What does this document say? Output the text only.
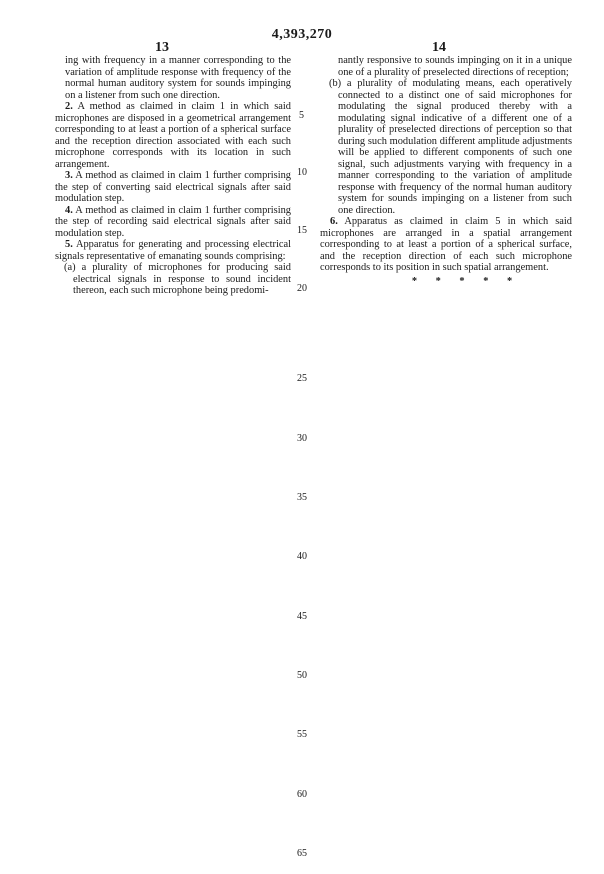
4,393,270
13	14

ing with frequency in a manner corresponding to the variation of amplitude response with frequency of the normal human auditory system for sounds impinging on a listener from such one direction.

2. A method as claimed in claim 1 in which said microphones are disposed in a geometrical arrangement corresponding to at least a portion of a spherical surface and the reception direction associated with each such microphone corresponds with its location in such arrangement.

3. A method as claimed in claim 1 further comprising the step of converting said electrical signals after said modulation step.

4. A method as claimed in claim 1 further comprising the step of recording said electrical signals after said modulation step.

5. Apparatus for generating and processing electrical signals representative of emanating sounds comprising:

(a) a plurality of microphones for producing said electrical signals in response to sound incident thereon, each such microphone being predomi-

nantly responsive to sounds impinging on it in a unique one of a plurality of preselected directions of reception;

(b) a plurality of modulating means, each operatively connected to a distinct one of said microphones for modulating the signal produced thereby with a modulating signal indicative of a different one of a plurality of preselected directions of perception so that during such modulation different amplitude adjustments will be applied to different components of such one signal, such adjustments varying with frequency in a manner corresponding to the variation of amplitude response with frequency of the normal human auditory system for sounds impinging on a listener from such one direction.

6. Apparatus as claimed in claim 5 in which said microphones are arranged in a spatial arrangement corresponding to at least a portion of a spherical surface, and the reception direction of each such microphone corresponds to its position in such spatial arrangement.

* * * * *
5
10
15
20
25
30
35
40
45
50
55
60
65
